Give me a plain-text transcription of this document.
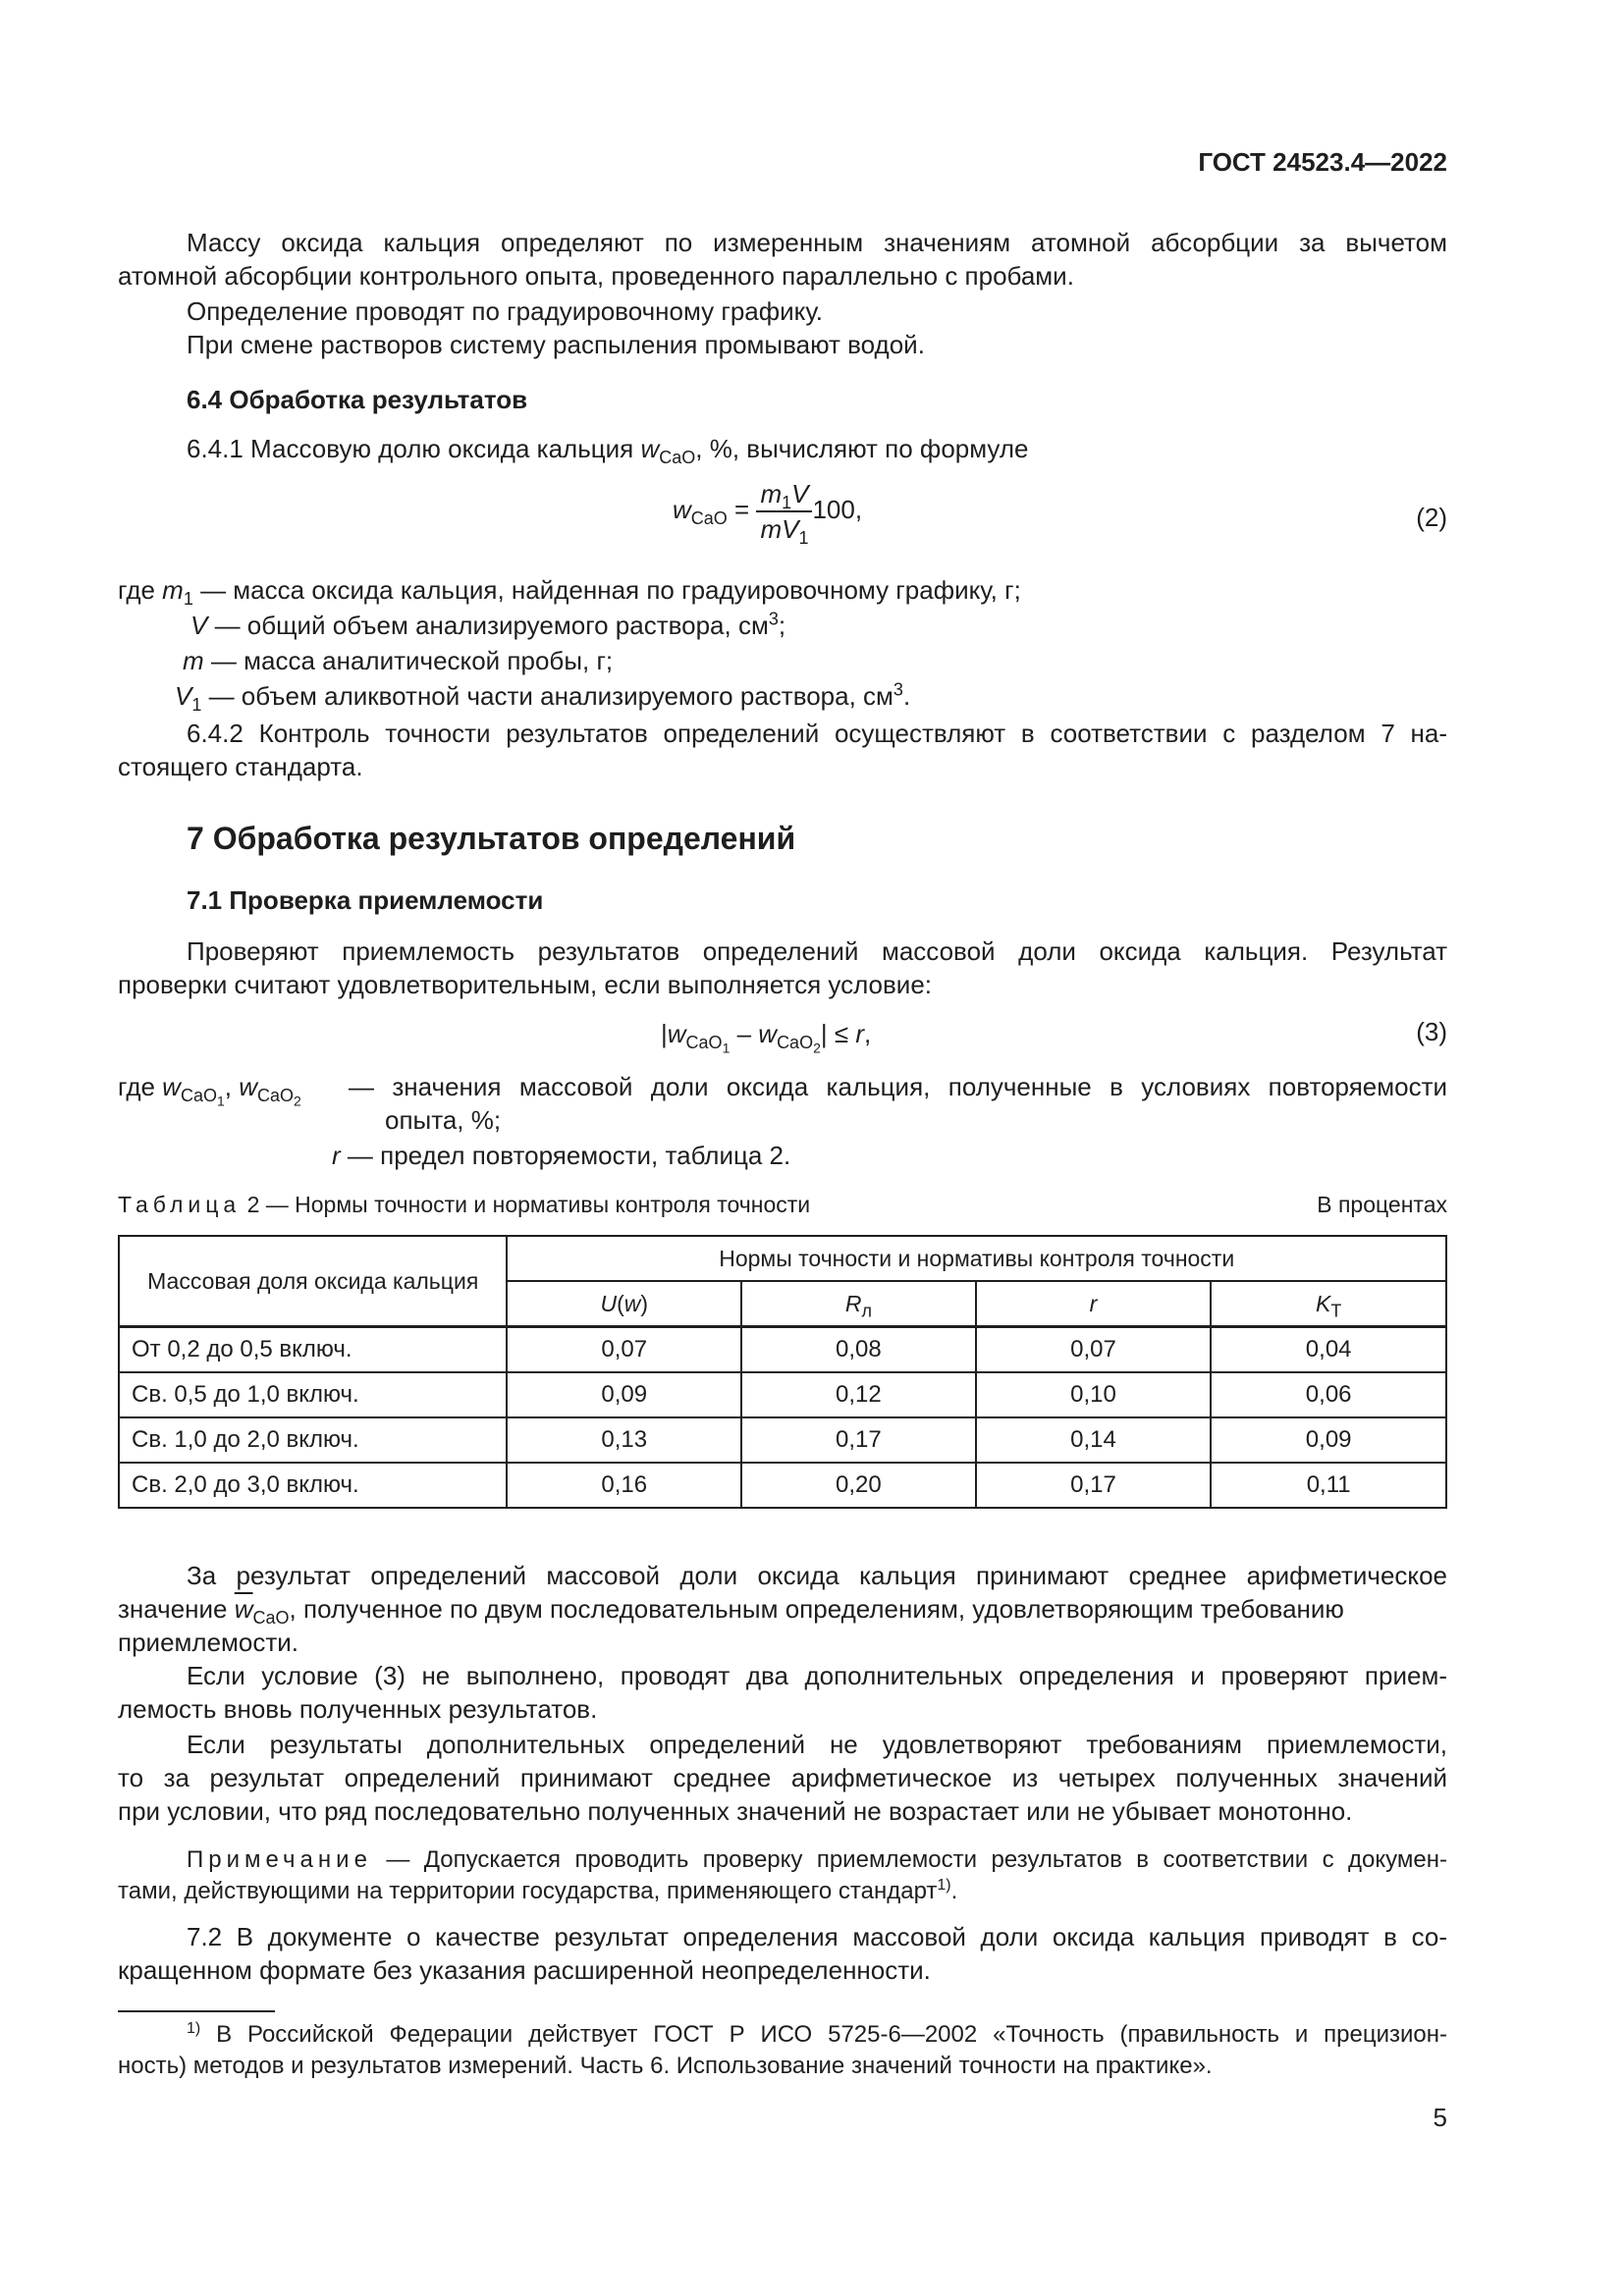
ГОСТ 24523.4—2022
Массу оксида кальция определяют по измеренным значениям атомной абсорбции за вычетом
атомной абсорбции контрольного опыта, проведенного параллельно с пробами.
Определение проводят по градуировочному графику.
При смене растворов систему распыления промывают водой.
6.4 Обработка результатов
6.4.1 Массовую долю оксида кальция $w_{CaO}$, %, вычисляют по формуле
$w_{CaO} = \frac{m_1V}{mV_1} 100$,	(2)
где $m_1$ — масса оксида кальция, найденная по градуировочному графику, г;
V — общий объем анализируемого раствора, $см^3$;
m — масса аналитической пробы, г;
$V_1$ — объем аликвотной части анализируемого раствора, $см^3$.
6.4.2 Контроль точности результатов определений осуществляют в соответствии с разделом 7 на-
стоящего стандарта.
7 Обработка результатов определений
7.1 Проверка приемлемости
Проверяют приемлемость результатов определений массовой доли оксида кальция. Результат
проверки считают удовлетворительным, если выполняется условие:
$|w_{CaO_1} - w_{CaO_2}| \le r$,	(3)
где $w_{CaO_1}$, $w_{CaO_2}$ — значения массовой доли оксида кальция, полученные в условиях повторяемости
опыта, %;
r — предел повторяемости, таблица 2.
Таблица 2 — Нормы точности и нормативы контроля точности	В процентах
Массовая доля оксида кальция	Нормы точности и нормативы контроля точности			
	U(w)	$R_л$	r	$K_Т$
От 0,2 до 0,5 включ.	0,07	0,08	0,07	0,04
Св. 0,5 до 1,0 включ.	0,09	0,12	0,10	0,06
Св. 1,0 до 2,0 включ.	0,13	0,17	0,14	0,09
Св. 2,0 до 3,0 включ.	0,16	0,20	0,17	0,11
За результат определений массовой доли оксида кальция принимают среднее арифметическое
значение $\overline{w}_{CaO}$, полученное по двум последовательным определениям, удовлетворяющим требованию
приемлемости.
Если условие (3) не выполнено, проводят два дополнительных определения и проверяют прием-
лемость вновь полученных результатов.
Если результаты дополнительных определений не удовлетворяют требованиям приемлемости,
то за результат определений принимают среднее арифметическое из четырех полученных значений
при условии, что ряд последовательно полученных значений не возрастает или не убывает монотонно.
Примечание — Допускается проводить проверку приемлемости результатов в соответствии с докумен-
тами, действующими на территории государства, применяющего стандарт$^{1)}$.
7.2 В документе о качестве результат определения массовой доли оксида кальция приводят в со-
кращенном формате без указания расширенной неопределенности.
$^{1)}$ В Российской Федерации действует ГОСТ Р ИСО 5725-6—2002 «Точность (правильность и прецизион-
ность) методов и результатов измерений. Часть 6. Использование значений точности на практике».
5
